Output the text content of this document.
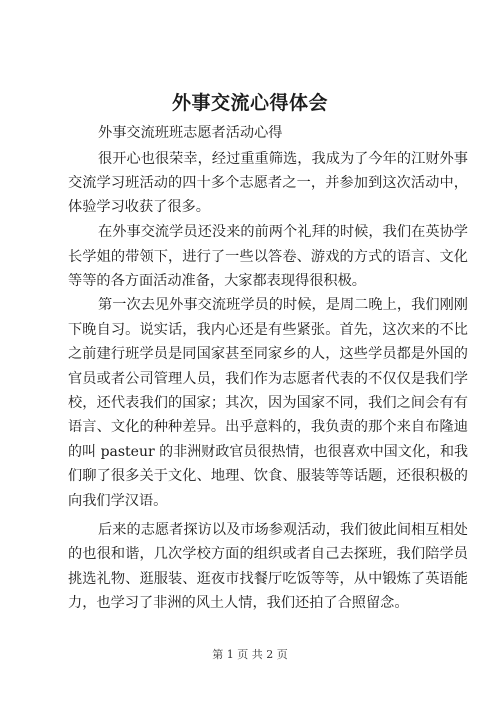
外事交流心得体会
外事交流班班志愿者活动心得
很开心也很荣幸，经过重重筛选，我成为了今年的江财外事
交流学习班活动的四十多个志愿者之一，并参加到这次活动中，
体验学习收获了很多。
在外事交流学员还没来的前两个礼拜的时候，我们在英协学
长学姐的带领下，进行了一些以答卷、游戏的方式的语言、文化
等等的各方面活动准备，大家都表现得很积极。
第一次去见外事交流班学员的时候，是周二晚上，我们刚刚
下晚自习。说实话，我内心还是有些紧张。首先，这次来的不比
之前建行班学员是同国家甚至同家乡的人，这些学员都是外国的
官员或者公司管理人员，我们作为志愿者代表的不仅仅是我们学
校，还代表我们的国家；其次，因为国家不同，我们之间会有有
语言、文化的种种差异。出乎意料的，我负责的那个来自布隆迪
的叫 pasteur 的非洲财政官员很热情，也很喜欢中国文化，和我
们聊了很多关于文化、地理、饮食、服装等等话题，还很积极的
向我们学汉语。
后来的志愿者探访以及市场参观活动，我们彼此间相互相处
的也很和谐，几次学校方面的组织或者自己去探班，我们陪学员
挑选礼物、逛服装、逛夜市找餐厅吃饭等等，从中锻炼了英语能
力，也学习了非洲的风土人情，我们还拍了合照留念。
第 1 页 共 2 页
